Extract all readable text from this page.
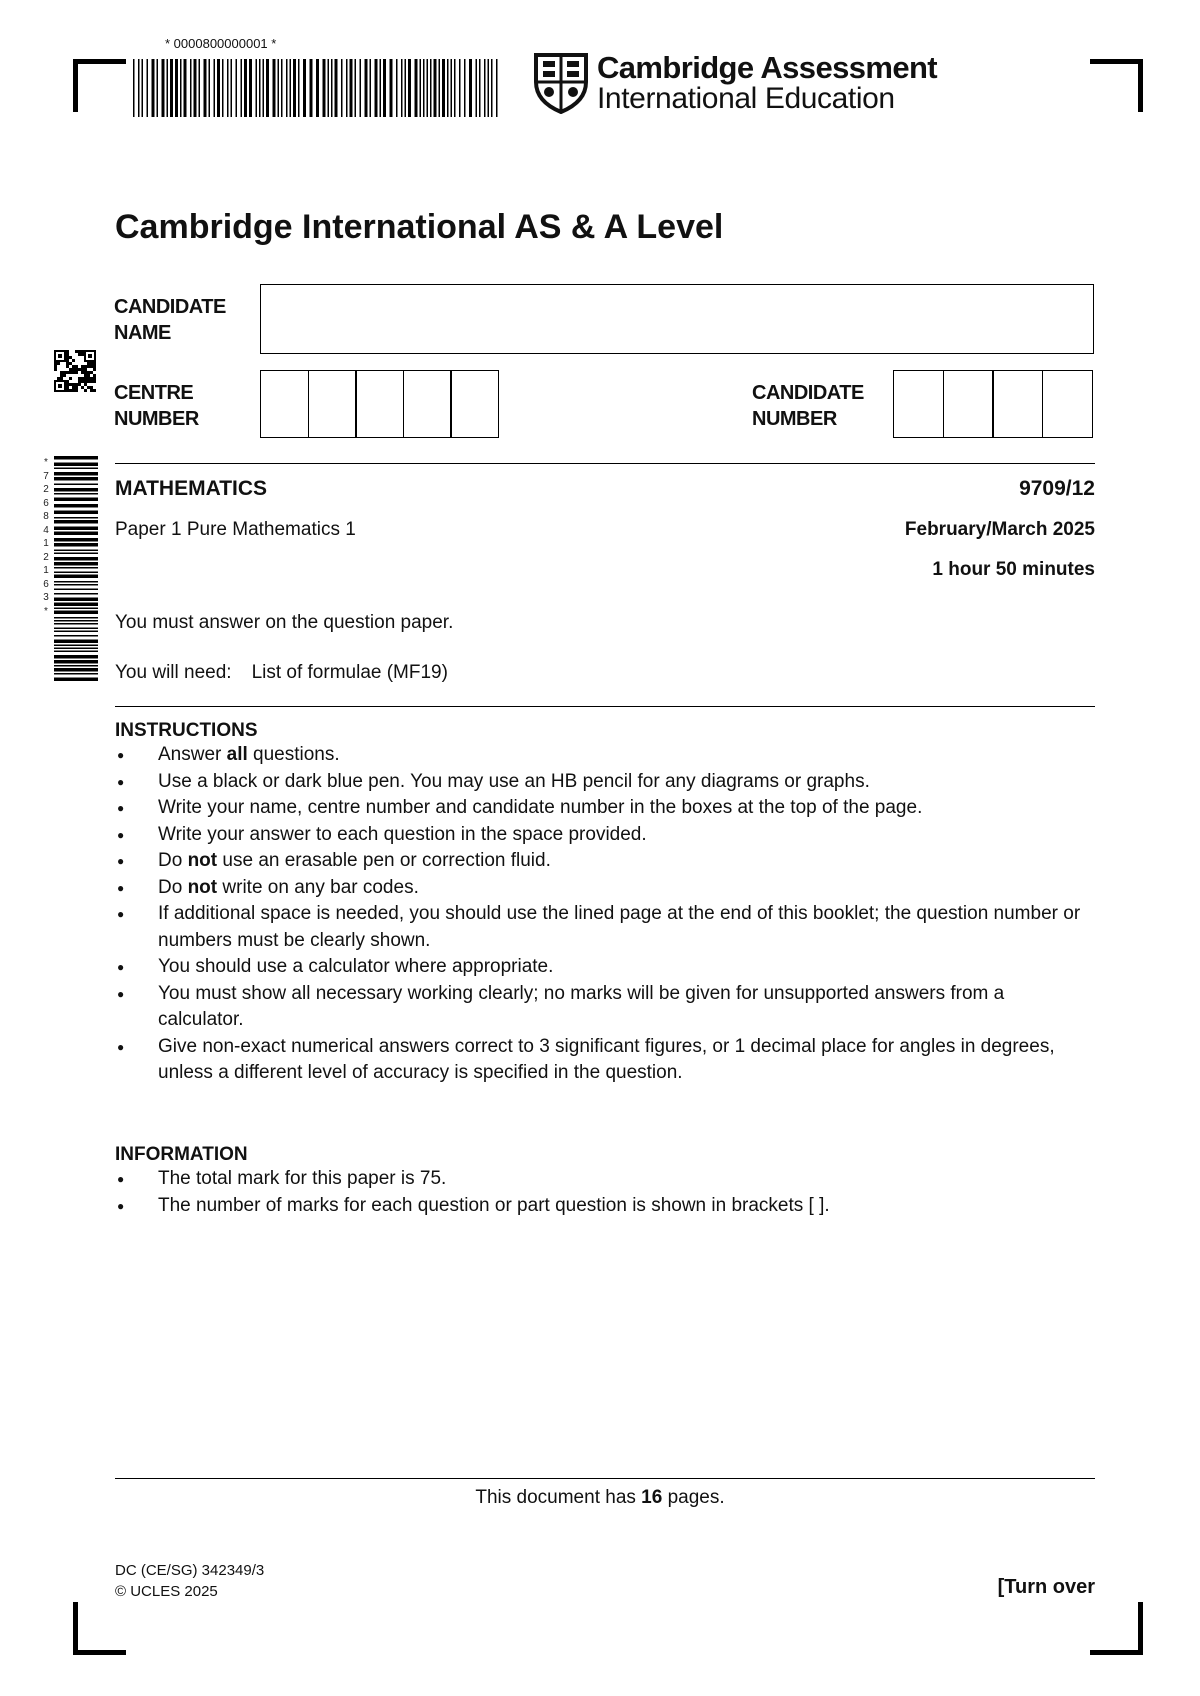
* 0000800000001 *
Cambridge Assessment
International Education
*
7
2
6
8
4
1
2
1
6
3
*
Cambridge International AS & A Level
CANDIDATE
NAME
CENTRE
NUMBER
CANDIDATE
NUMBER
MATHEMATICS	9709/12
Paper 1 Pure Mathematics 1	February/March 2025
1 hour 50 minutes
You must answer on the question paper.
You will need: List of formulae (MF19)
INSTRUCTIONS
● Answer all questions.
● Use a black or dark blue pen. You may use an HB pencil for any diagrams or graphs.
● Write your name, centre number and candidate number in the boxes at the top of the page.
● Write your answer to each question in the space provided.
● Do not use an erasable pen or correction fluid.
● Do not write on any bar codes.
● If additional space is needed, you should use the lined page at the end of this booklet; the question number or numbers must be clearly shown.
● You should use a calculator where appropriate.
● You must show all necessary working clearly; no marks will be given for unsupported answers from a calculator.
● Give non-exact numerical answers correct to 3 significant figures, or 1 decimal place for angles in degrees, unless a different level of accuracy is specified in the question.
INFORMATION
● The total mark for this paper is 75.
● The number of marks for each question or part question is shown in brackets [ ].
This document has 16 pages.
DC (CE/SG) 342349/3
© UCLES 2025	[Turn over
